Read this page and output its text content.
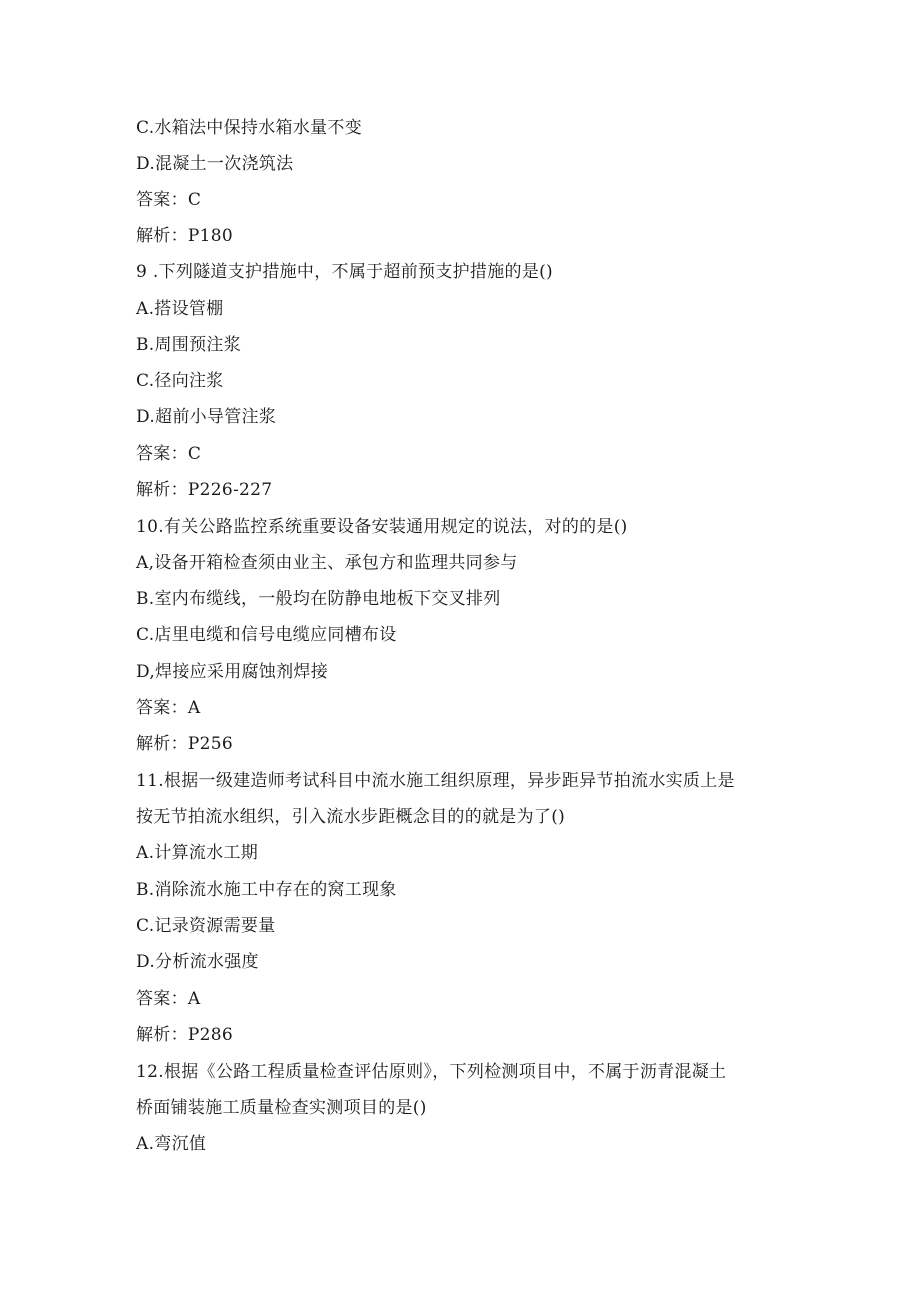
C.水箱法中保持水箱水量不变
D.混凝土一次浇筑法
答案：C
解析：P180
9 .下列隧道支护措施中，不属于超前预支护措施的是()
A.搭设管棚
B.周围预注浆
C.径向注浆
D.超前小导管注浆
答案：C
解析：P226-227
10.有关公路监控系统重要设备安装通用规定的说法，对的的是()
A,设备开箱检查须由业主、承包方和监理共同参与
B.室内布缆线，一般均在防静电地板下交叉排列
C.店里电缆和信号电缆应同槽布设
D,焊接应采用腐蚀剂焊接
答案：A
解析：P256
11.根据一级建造师考试科目中流水施工组织原理，异步距异节拍流水实质上是
按无节拍流水组织，引入流水步距概念目的的就是为了()
A.计算流水工期
B.消除流水施工中存在的窝工现象
C.记录资源需要量
D.分析流水强度
答案：A
解析：P286
12.根据《公路工程质量检查评估原则》，下列检测项目中，不属于沥青混凝土
桥面铺装施工质量检查实测项目的是()
A.弯沉值
